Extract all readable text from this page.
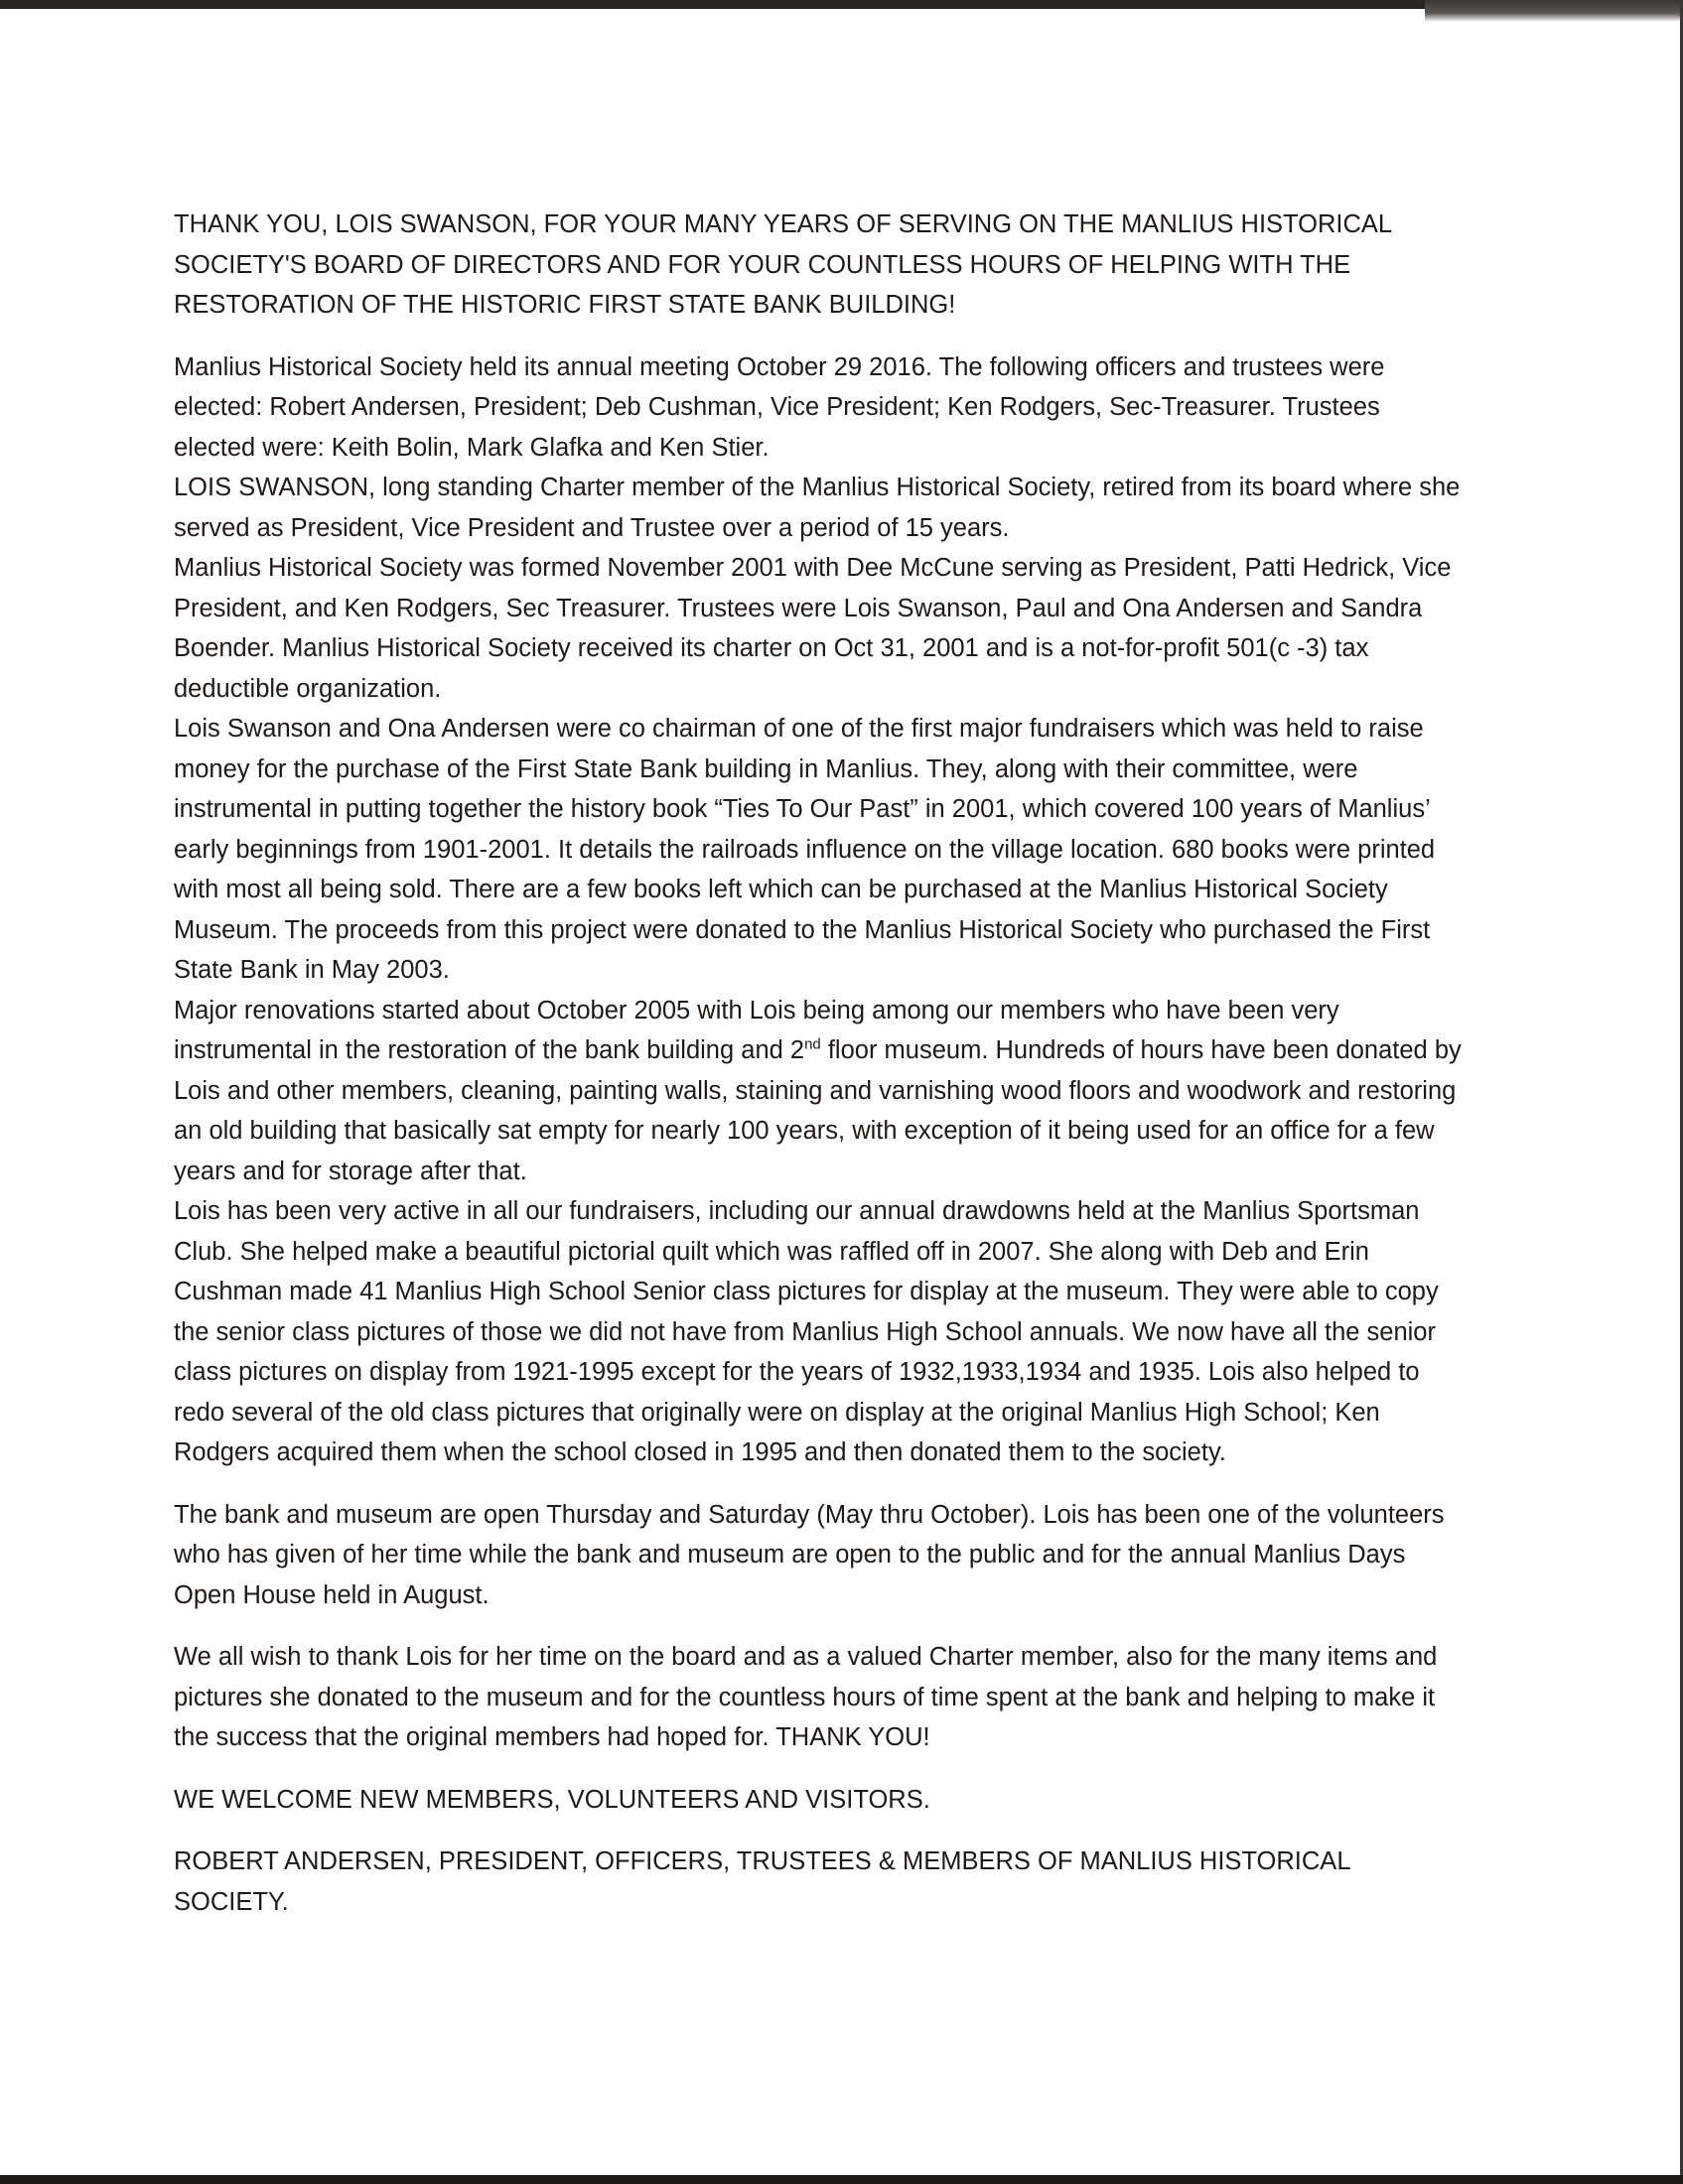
THANK YOU, LOIS SWANSON, FOR YOUR MANY YEARS OF SERVING ON THE MANLIUS HISTORICAL SOCIETY'S BOARD OF DIRECTORS AND FOR YOUR COUNTLESS HOURS OF HELPING WITH THE RESTORATION OF THE HISTORIC FIRST STATE BANK BUILDING!

Manlius Historical Society held its annual meeting October 29 2016. The following officers and trustees were elected: Robert Andersen, President; Deb Cushman, Vice President; Ken Rodgers, Sec-Treasurer. Trustees elected were: Keith Bolin, Mark Glafka and Ken Stier.

LOIS SWANSON, long standing Charter member of the Manlius Historical Society, retired from its board where she served as President, Vice President and Trustee over a period of 15 years.

Manlius Historical Society was formed November 2001 with Dee McCune serving as President, Patti Hedrick, Vice President, and Ken Rodgers, Sec Treasurer. Trustees were Lois Swanson, Paul and Ona Andersen and Sandra Boender. Manlius Historical Society received its charter on Oct 31, 2001 and is a not-for-profit 501(c -3) tax deductible organization.

Lois Swanson and Ona Andersen were co chairman of one of the first major fundraisers which was held to raise money for the purchase of the First State Bank building in Manlius. They, along with their committee, were instrumental in putting together the history book “Ties To Our Past” in 2001, which covered 100 years of Manlius’ early beginnings from 1901-2001. It details the railroads influence on the village location. 680 books were printed with most all being sold. There are a few books left which can be purchased at the Manlius Historical Society Museum. The proceeds from this project were donated to the Manlius Historical Society who purchased the First State Bank in May 2003.

Major renovations started about October 2005 with Lois being among our members who have been very instrumental in the restoration of the bank building and 2nd floor museum. Hundreds of hours have been donated by Lois and other members, cleaning, painting walls, staining and varnishing wood floors and woodwork and restoring an old building that basically sat empty for nearly 100 years, with exception of it being used for an office for a few years and for storage after that.

Lois has been very active in all our fundraisers, including our annual drawdowns held at the Manlius Sportsman Club. She helped make a beautiful pictorial quilt which was raffled off in 2007. She along with Deb and Erin Cushman made 41 Manlius High School Senior class pictures for display at the museum. They were able to copy the senior class pictures of those we did not have from Manlius High School annuals. We now have all the senior class pictures on display from 1921-1995 except for the years of 1932,1933,1934 and 1935. Lois also helped to redo several of the old class pictures that originally were on display at the original Manlius High School; Ken Rodgers acquired them when the school closed in 1995 and then donated them to the society.

The bank and museum are open Thursday and Saturday (May thru October). Lois has been one of the volunteers who has given of her time while the bank and museum are open to the public and for the annual Manlius Days Open House held in August.

We all wish to thank Lois for her time on the board and as a valued Charter member, also for the many items and pictures she donated to the museum and for the countless hours of time spent at the bank and helping to make it the success that the original members had hoped for. THANK YOU!

WE WELCOME NEW MEMBERS, VOLUNTEERS AND VISITORS.

ROBERT ANDERSEN, PRESIDENT, OFFICERS, TRUSTEES & MEMBERS OF MANLIUS HISTORICAL SOCIETY.
